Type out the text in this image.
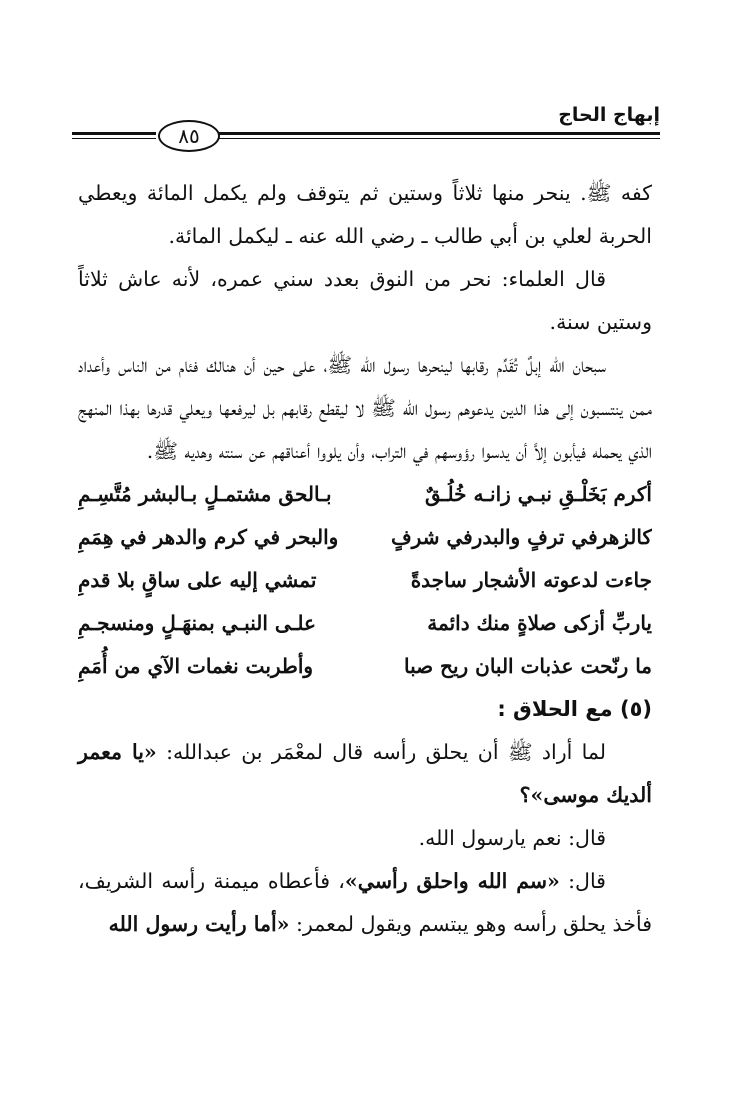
إبهاج الحاج
٨٥

كفه ﷺ. ينحر منها ثلاثاً وستين ثم يتوقف ولم يكمل المائة ويعطي الحربة لعلي بن أبي طالب ـ رضي الله عنه ـ ليكمل المائة.

قال العلماء: نحر من النوق بعدد سني عمره، لأنه عاش ثلاثاً وستين سنة.

سبحان الله إبلٌ تُقَدِّم رقابها لينحرها رسول الله ﷺ، على حين أن هنالك فئام من الناس وأعداد ممن ينتسبون إلى هذا الدين يدعوهم رسول الله ﷺ لا ليقطع رقابهم بل ليرفعها ويعلي قدرها بهذا المنهج الذي يحمله فيأبون إلاَّ أن يدسوا رؤوسهم في التراب، وأن يلووا أعناقهم عن سنته وهديه ﷺ.

أكرم بَخَلْـقِ نبـي زانـه خُلُـقٌ
بـالحق مشتمـلٍ بـالبشر مُتَّسِـمِ
كالزهرفي ترفٍ والبدرفي شرفٍ
والبحر في كرم والدهر في هِمَمِ
جاءت لدعوته الأشجار ساجدةً
تمشي إليه على ساقٍ بلا قدمِ
ياربِّ أزكى صلاةٍ منك دائمة
علـى النبـي بمنهَـلٍ ومنسجـمِ
ما رنّحت عذبات البان ريح صبا
وأطربت نغمات الآي من أُمَمِ

(٥) مع الحلاق :

لما أراد ﷺ أن يحلق رأسه قال لمعْمَر بن عبدالله: «يا معمر ألديك موسى»؟

قال: نعم يارسول الله.

قال: «سم الله واحلق رأسي»، فأعطاه ميمنة رأسه الشريف، فأخذ يحلق رأسه وهو يبتسم ويقول لمعمر: «أما رأيت رسول الله
